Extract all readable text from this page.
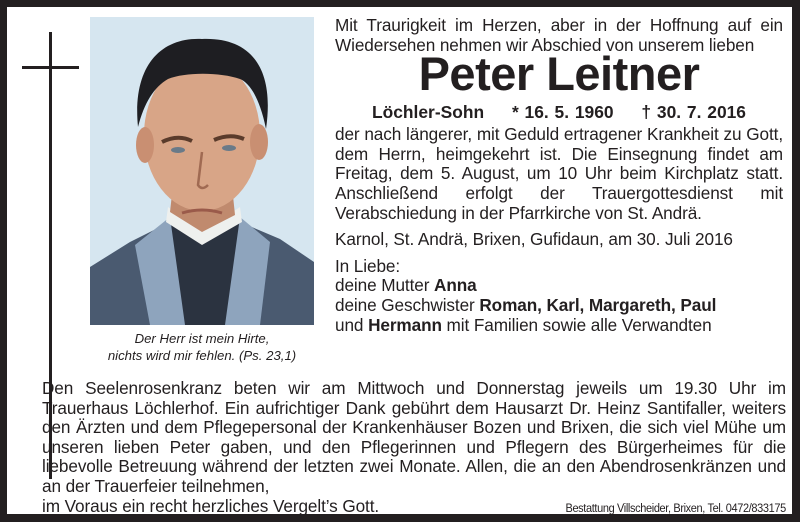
Der Herr ist mein Hirte,
nichts wird mir fehlen. (Ps. 23,1)

Mit Traurigkeit im Herzen, aber in der Hoffnung auf ein Wiedersehen nehmen wir Abschied von unserem lieben

Peter Leitner
Löchler-Sohn * 16. 5. 1960 † 30. 7. 2016

der nach längerer, mit Geduld ertragener Krankheit zu Gott, dem Herrn, heimgekehrt ist. Die Einsegnung findet am Freitag, dem 5. August, um 10 Uhr beim Kirchplatz statt. Anschließend erfolgt der Trauergottesdienst mit Verabschiedung in der Pfarrkirche von St. Andrä.

Karnol, St. Andrä, Brixen, Gufidaun, am 30. Juli 2016

In Liebe:
deine Mutter Anna
deine Geschwister Roman, Karl, Margareth, Paul
und Hermann mit Familien sowie alle Verwandten

Den Seelenrosenkranz beten wir am Mittwoch und Donnerstag jeweils um 19.30 Uhr im Trauerhaus Löchlerhof. Ein aufrichtiger Dank gebührt dem Hausarzt Dr. Heinz Santifaller, weiters den Ärzten und dem Pflegepersonal der Krankenhäuser Bozen und Brixen, die sich viel Mühe um unseren lieben Peter gaben, und den Pflegerinnen und Pflegern des Bürgerheimes für die liebevolle Betreuung während der letzten zwei Monate. Allen, die an den Abendrosenkränzen und an der Trauerfeier teilnehmen,

im Voraus ein recht herzliches Vergelt’s Gott.	Bestattung Villscheider, Brixen, Tel. 0472/833175
